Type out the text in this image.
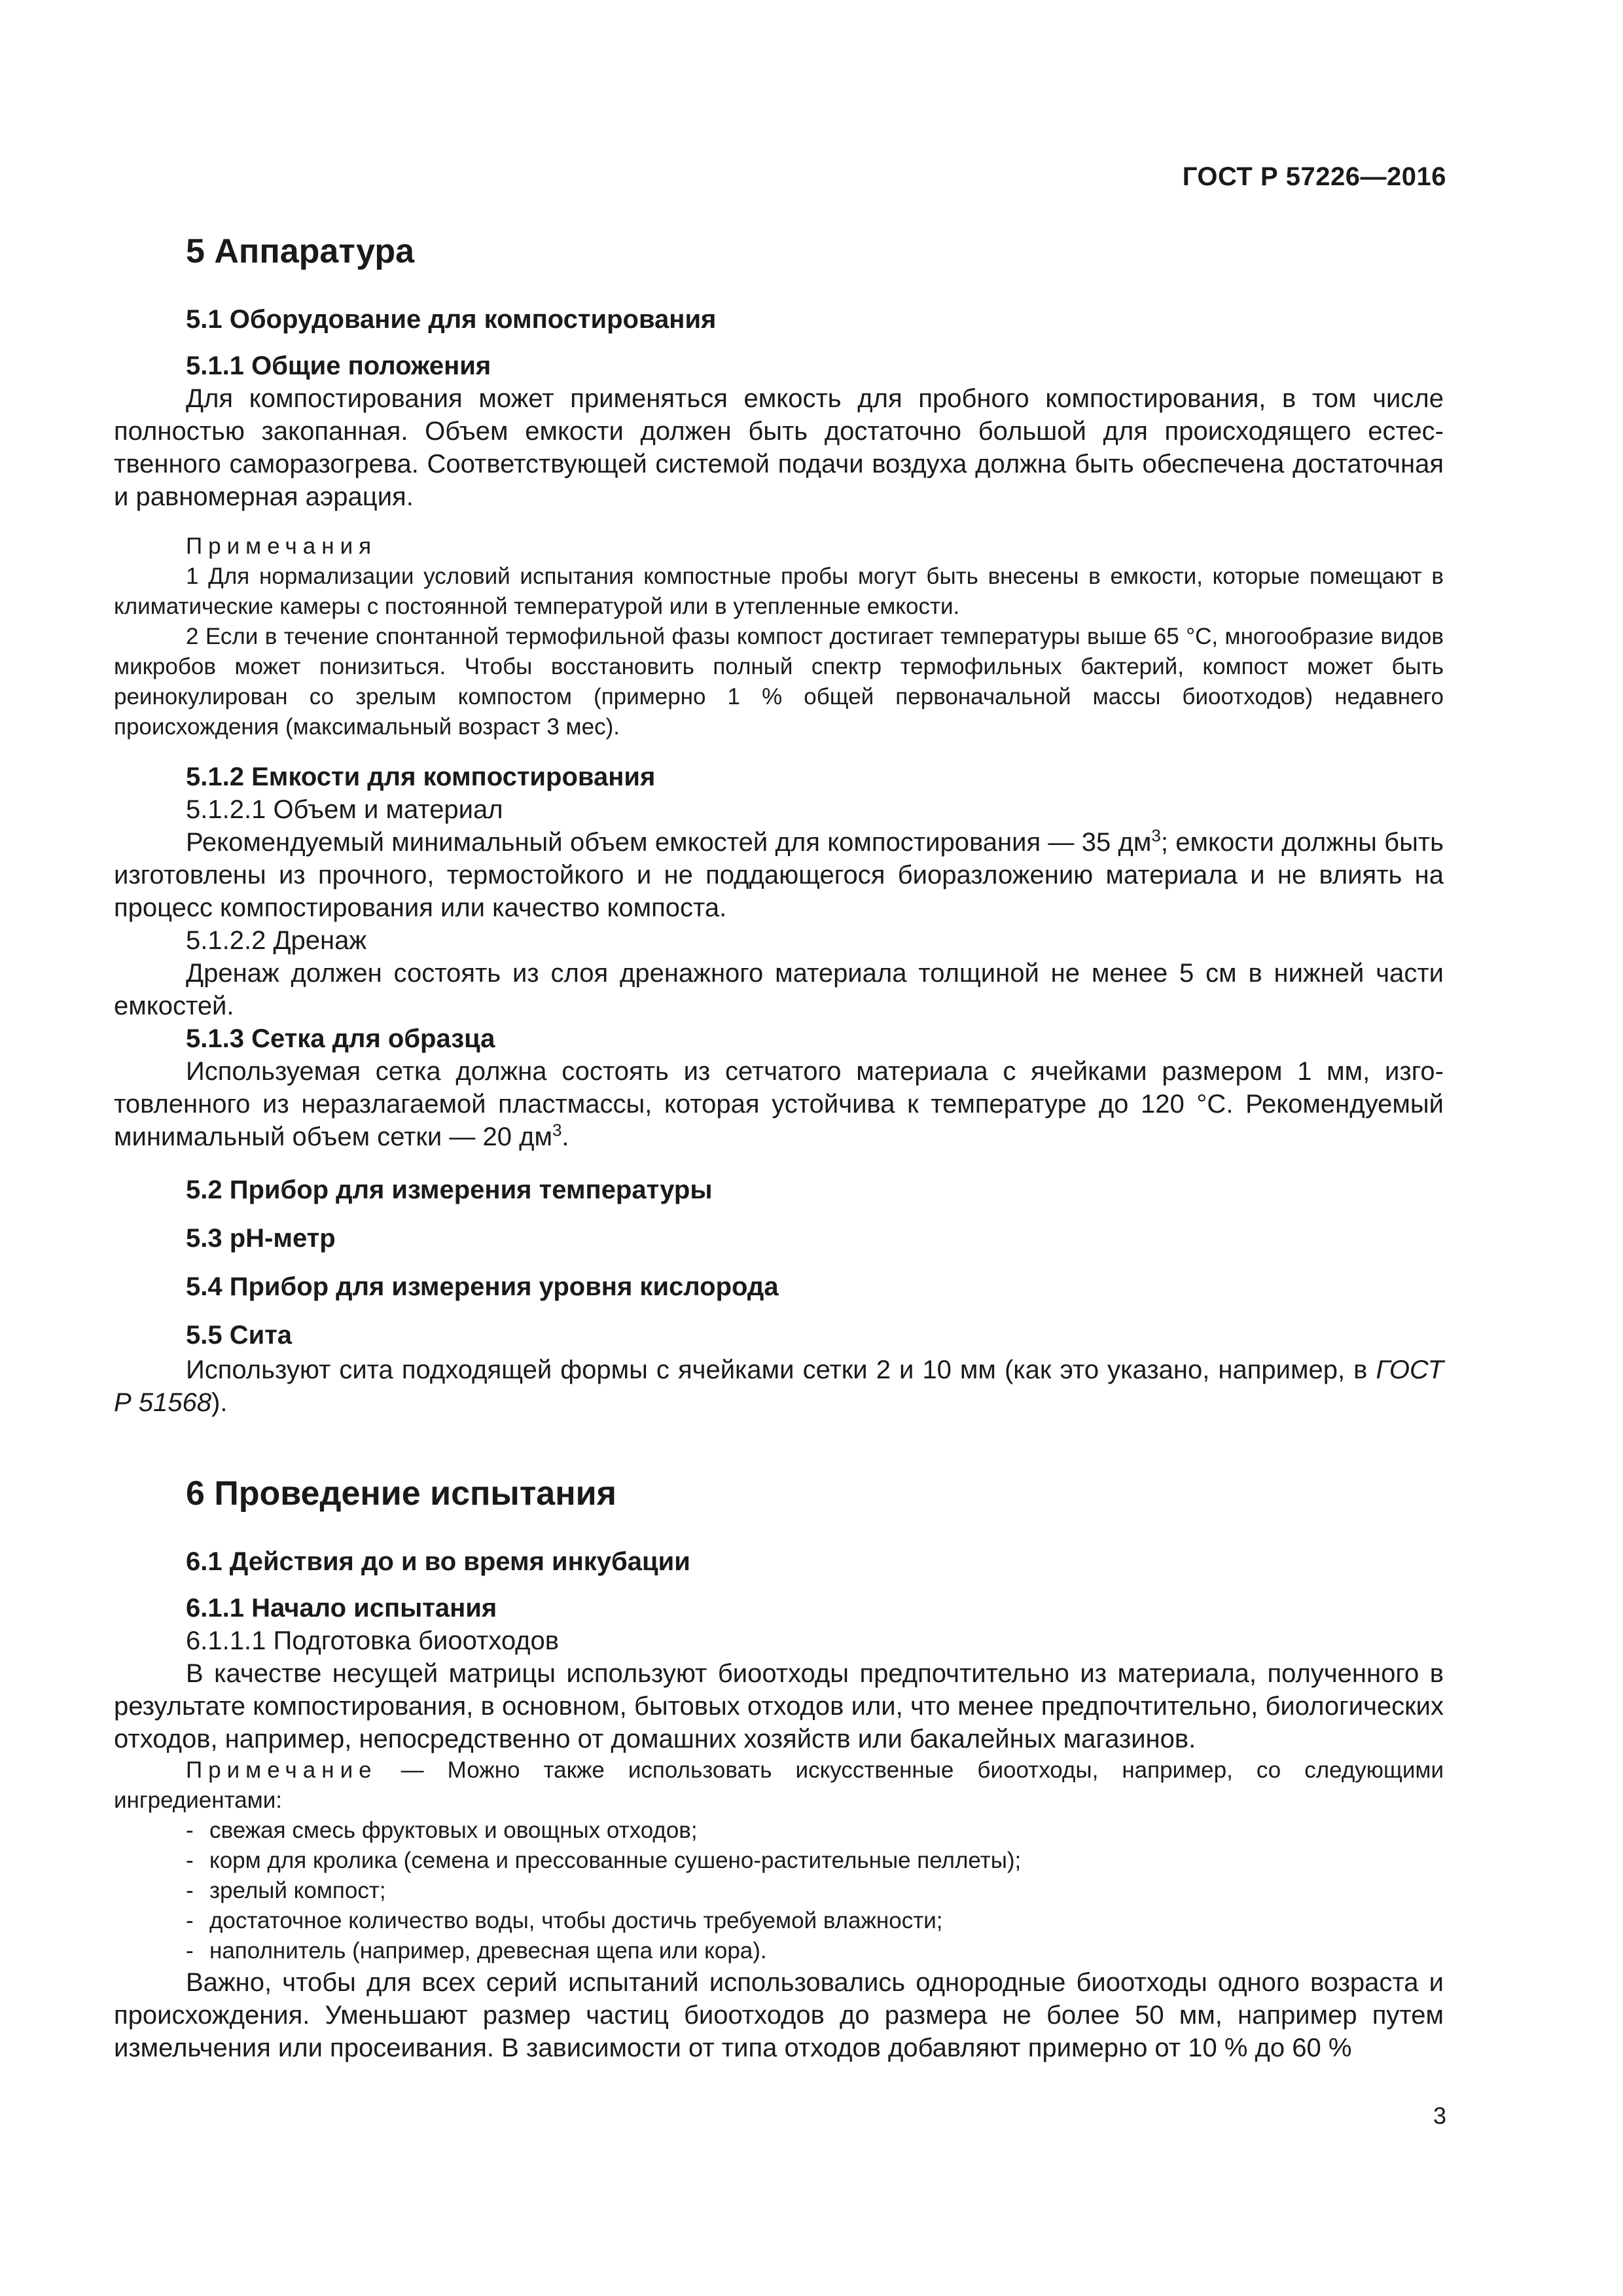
ГОСТ Р 57226—2016
5 Аппаратура
5.1 Оборудование для компостирования
5.1.1 Общие положения

Для компостирования может применяться емкость для пробного компостирования, в том числе полностью закопанная. Объем емкости должен быть достаточно большой для происходящего естественного саморазогрева. Соответствующей системой подачи воздуха должна быть обеспечена достаточная и равномерная аэрация.

Примечания

1 Для нормализации условий испытания компостные пробы могут быть внесены в емкости, которые помещают в климатические камеры с постоянной температурой или в утепленные емкости.

2 Если в течение спонтанной термофильной фазы компост достигает температуры выше 65 °С, многообразие видов микробов может понизиться. Чтобы восстановить полный спектр термофильных бактерий, компост может быть реинокулирован со зрелым компостом (примерно 1 % общей первоначальной массы биоотходов) недавнего происхождения (максимальный возраст 3 мес).

5.1.2 Емкости для компостирования
5.1.2.1 Объем и материал

Рекомендуемый минимальный объем емкостей для компостирования — 35 $дм^3$; емкости должны быть изготовлены из прочного, термостойкого и не поддающегося биоразложению материала и не влиять на процесс компостирования или качество компоста.

5.1.2.2 Дренаж

Дренаж должен состоять из слоя дренажного материала толщиной не менее 5 см в нижней части емкостей.

5.1.3 Сетка для образца

Используемая сетка должна состоять из сетчатого материала с ячейками размером 1 мм, изготовленного из неразлагаемой пластмассы, которая устойчива к температуре до 120 °С. Рекомендуемый минимальный объем сетки — 20 $дм^3$.

5.2 Прибор для измерения температуры
5.3 рН-метр
5.4 Прибор для измерения уровня кислорода
5.5 Сита

Используют сита подходящей формы с ячейками сетки 2 и 10 мм (как это указано, например, в ГОСТ Р 51568).

6 Проведение испытания
6.1 Действия до и во время инкубации
6.1.1 Начало испытания
6.1.1.1 Подготовка биоотходов

В качестве несущей матрицы используют биоотходы предпочтительно из материала, полученного в результате компостирования, в основном, бытовых отходов или, что менее предпочтительно, биологических отходов, например, непосредственно от домашних хозяйств или бакалейных магазинов.

Примечание — Можно также использовать искусственные биоотходы, например, со следующими ингредиентами:

- свежая смесь фруктовых и овощных отходов;
- корм для кролика (семена и прессованные сушено-растительные пеллеты);
- зрелый компост;
- достаточное количество воды, чтобы достичь требуемой влажности;
- наполнитель (например, древесная щепа или кора).

Важно, чтобы для всех серий испытаний использовались однородные биоотходы одного возраста и происхождения. Уменьшают размер частиц биоотходов до размера не более 50 мм, например путем измельчения или просеивания. В зависимости от типа отходов добавляют примерно от 10 % до 60 %

3
